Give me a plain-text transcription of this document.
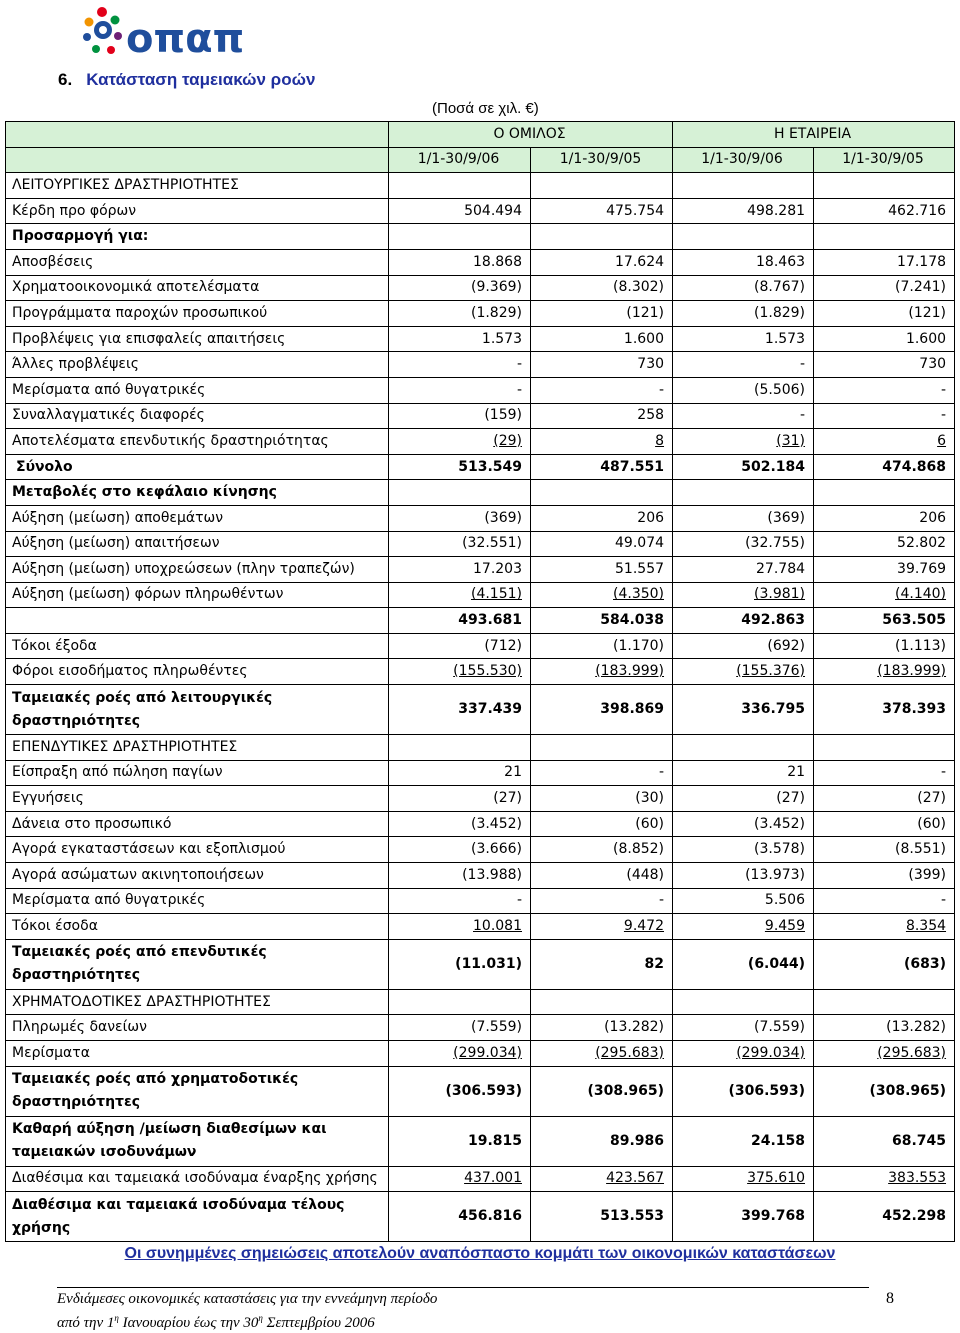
οπαπ
6. Κατάσταση ταμειακών ροών
(Ποσά σε χιλ. €)
	Ο ΟΜΙΛΟΣ		Η ΕΤΑΙΡΕΙΑ	
	1/1-30/9/06	1/1-30/9/05	1/1-30/9/06	1/1-30/9/05
ΛΕΙΤΟΥΡΓΙΚΕΣ ΔΡΑΣΤΗΡΙΟΤΗΤΕΣ				
Κέρδη προ φόρων	504.494	475.754	498.281	462.716
Προσαρμογή για:				
Αποσβέσεις	18.868	17.624	18.463	17.178
Χρηματοοικονομικά αποτελέσματα	(9.369)	(8.302)	(8.767)	(7.241)
Προγράμματα παροχών προσωπικού	(1.829)	(121)	(1.829)	(121)
Προβλέψεις για επισφαλείς απαιτήσεις	1.573	1.600	1.573	1.600
Άλλες προβλέψεις	-	730	-	730
Μερίσματα από θυγατρικές	-	-	(5.506)	-
Συναλλαγματικές διαφορές	(159)	258	-	-
Αποτελέσματα επενδυτικής δραστηριότητας	(29)	8	(31)	6
Σύνολο	513.549	487.551	502.184	474.868
Μεταβολές στο κεφάλαιο κίνησης				
Αύξηση (μείωση) αποθεμάτων	(369)	206	(369)	206
Αύξηση (μείωση) απαιτήσεων	(32.551)	49.074	(32.755)	52.802
Αύξηση (μείωση) υποχρεώσεων (πλην τραπεζών)	17.203	51.557	27.784	39.769
Αύξηση (μείωση) φόρων πληρωθέντων	(4.151)	(4.350)	(3.981)	(4.140)
	493.681	584.038	492.863	563.505
Τόκοι έξοδα	(712)	(1.170)	(692)	(1.113)
Φόροι εισοδήματος πληρωθέντες	(155.530)	(183.999)	(155.376)	(183.999)
Ταμειακές ροές από λειτουργικές δραστηριότητες	337.439	398.869	336.795	378.393
ΕΠΕΝΔΥΤΙΚΕΣ ΔΡΑΣΤΗΡΙΟΤΗΤΕΣ				
Είσπραξη από πώληση παγίων	21	-	21	-
Εγγυήσεις	(27)	(30)	(27)	(27)
Δάνεια στο προσωπικό	(3.452)	(60)	(3.452)	(60)
Αγορά εγκαταστάσεων και εξοπλισμού	(3.666)	(8.852)	(3.578)	(8.551)
Αγορά ασώματων ακινητοποιήσεων	(13.988)	(448)	(13.973)	(399)
Μερίσματα από θυγατρικές	-	-	5.506	-
Τόκοι έσοδα	10.081	9.472	9.459	8.354
Ταμειακές ροές από επενδυτικές δραστηριότητες	(11.031)	82	(6.044)	(683)
ΧΡΗΜΑΤΟΔΟΤΙΚΕΣ ΔΡΑΣΤΗΡΙΟΤΗΤΕΣ				
Πληρωμές δανείων	(7.559)	(13.282)	(7.559)	(13.282)
Μερίσματα	(299.034)	(295.683)	(299.034)	(295.683)
Ταμειακές ροές από χρηματοδοτικές δραστηριότητες	(306.593)	(308.965)	(306.593)	(308.965)
Καθαρή αύξηση /μείωση διαθεσίμων και ταμειακών ισοδυνάμων	19.815	89.986	24.158	68.745
Διαθέσιμα και ταμειακά ισοδύναμα έναρξης χρήσης	437.001	423.567	375.610	383.553
Διαθέσιμα και ταμειακά ισοδύναμα τέλους χρήσης	456.816	513.553	399.768	452.298
Οι συνημμένες σημειώσεις αποτελούν αναπόσπαστο κομμάτι των οικονομικών καταστάσεων
Ενδιάμεσες οικονομικές καταστάσεις για την εννεάμηνη περίοδο
από την $1^\eta$ Ιανουαρίου έως την $30^\eta$ Σεπτεμβρίου 2006
8
